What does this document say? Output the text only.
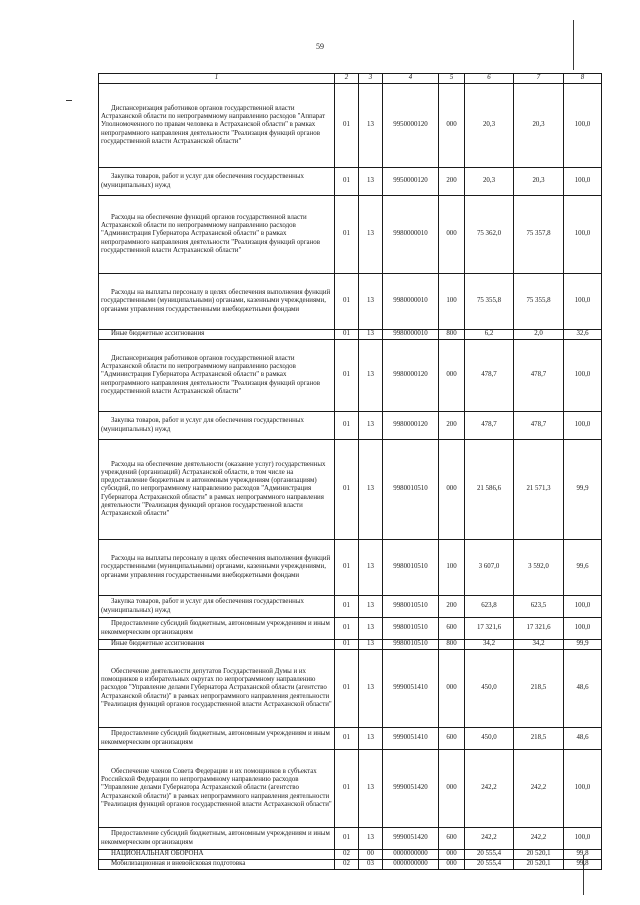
59
1	2	3	4	5	6	7	8
Диспансеризация работников органов государственной власти Астраханской области по непрограммному направлению расходов "Аппарат Уполномоченного по правам человека в Астраханской области" в рамках непрограммного направления деятельности "Реализация функций органов государственной власти Астраханской области"	01	13	9950000120	000	20,3	20,3	100,0
Закупка товаров, работ и услуг для обеспечения государственных (муниципальных) нужд	01	13	9950000120	200	20,3	20,3	100,0
Расходы на обеспечение функций органов государственной власти Астраханской области по непрограммному направлению расходов "Администрация Губернатора Астраханской области" в рамках непрограммного направления деятельности "Реализация функций органов государственной власти Астраханской области"	01	13	9980000010	000	75 362,0	75 357,8	100,0
Расходы на выплаты персоналу в целях обеспечения выполнения функций государственными (муниципальными) органами, казенными учреждениями, органами управления государственными внебюджетными фондами	01	13	9980000010	100	75 355,8	75 355,8	100,0
Иные бюджетные ассигнования	01	13	9980000010	800	6,2	2,0	32,6
Диспансеризация работников органов государственной власти Астраханской области по непрограммному направлению расходов "Администрация Губернатора Астраханской области" в рамках непрограммного направления деятельности "Реализация функций органов государственной власти Астраханской области"	01	13	9980000120	000	478,7	478,7	100,0
Закупка товаров, работ и услуг для обеспечения государственных (муниципальных) нужд	01	13	9980000120	200	478,7	478,7	100,0
Расходы на обеспечение деятельности (оказание услуг) государственных учреждений (организаций) Астраханской области, в том числе на предоставление бюджетным и автономным учреждениям (организациям) субсидий, по непрограммному направлению расходов "Администрация Губернатора Астраханской области" в рамках непрограммного направления деятельности "Реализация функций органов государственной власти Астраханской области"	01	13	9980010510	000	21 586,6	21 571,3	99,9
Расходы на выплаты персоналу в целях обеспечения выполнения функций государственными (муниципальными) органами, казенными учреждениями, органами управления государственными внебюджетными фондами	01	13	9980010510	100	3 607,0	3 592,0	99,6
Закупка товаров, работ и услуг для обеспечения государственных (муниципальных) нужд	01	13	9980010510	200	623,8	623,5	100,0
Предоставление субсидий бюджетным, автономным учреждениям и иным некоммерческим организациям	01	13	9980010510	600	17 321,6	17 321,6	100,0
Иные бюджетные ассигнования	01	13	9980010510	800	34,2	34,2	99,9
Обеспечение деятельности депутатов Государственной Думы и их помощников в избирательных округах по непрограммному направлению расходов "Управление делами Губернатора Астраханской области (агентство Астраханской области)" в рамках непрограммного направления деятельности "Реализация функций органов государственной власти Астраханской области"	01	13	9990051410	000	450,0	218,5	48,6
Предоставление субсидий бюджетным, автономным учреждениям и иным некоммерческим организациям	01	13	9990051410	600	450,0	218,5	48,6
Обеспечение членов Совета Федерации и их помощников в субъектах Российской Федерации по непрограммному направлению расходов "Управление делами Губернатора Астраханской области (агентство Астраханской области)" в рамках непрограммного направления деятельности "Реализация функций органов государственной власти Астраханской области"	01	13	9990051420	000	242,2	242,2	100,0
Предоставление субсидий бюджетным, автономным учреждениям и иным некоммерческим организациям	01	13	9990051420	600	242,2	242,2	100,0
НАЦИОНАЛЬНАЯ ОБОРОНА	02	00	0000000000	000	20 555,4	20 520,1	99,8
Мобилизационная и вневойсковая подготовка	02	03	0000000000	000	20 555,4	20 520,1	99,8
